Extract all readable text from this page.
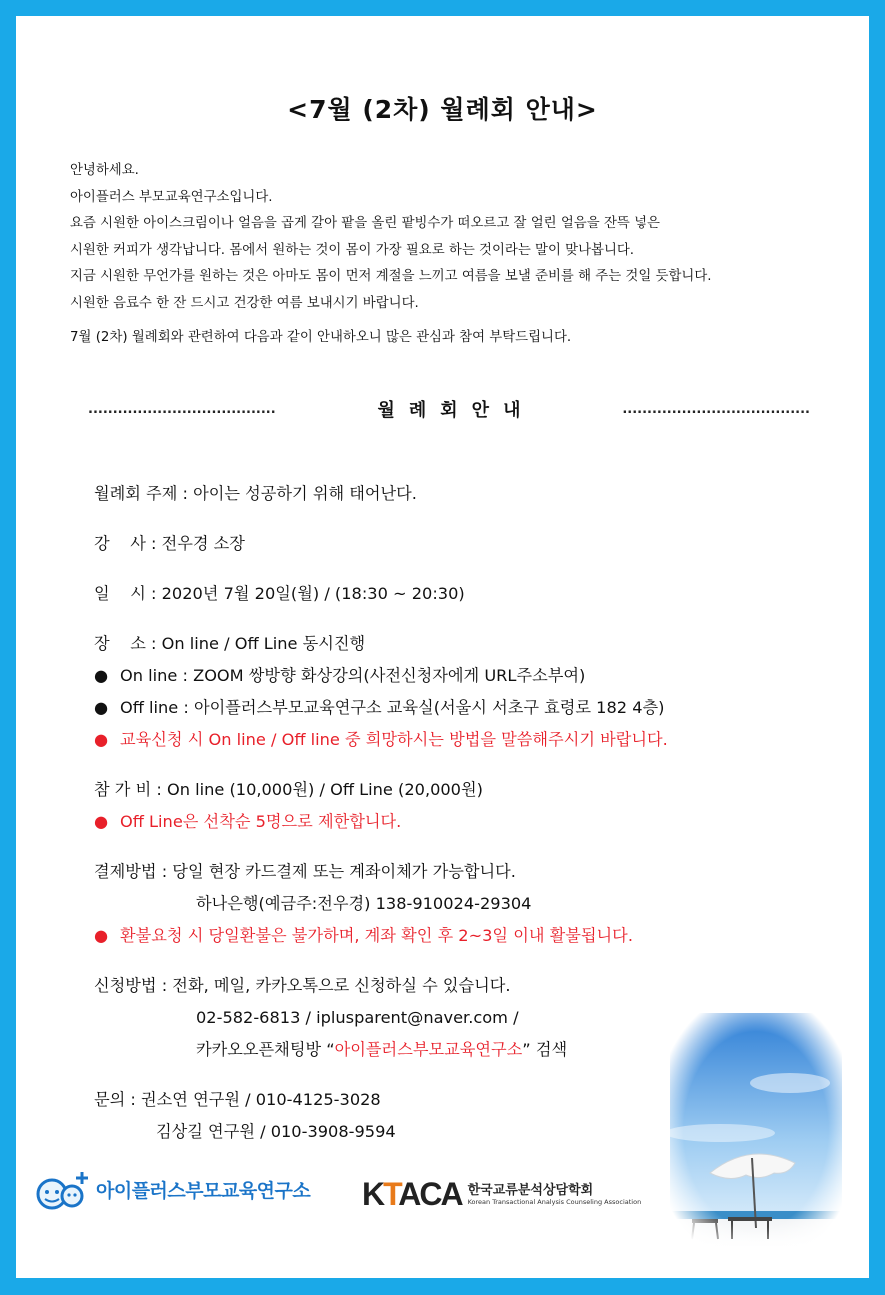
<7월 (2차) 월례회 안내>
안녕하세요.
아이플러스 부모교육연구소입니다.
요즘 시원한 아이스크림이나 얼음을 곱게 갈아 팥을 올린 팥빙수가 떠오르고 잘 얼린 얼음을 잔뜩 넣은
시원한 커피가 생각납니다. 몸에서 원하는 것이 몸이 가장 필요로 하는 것이라는 말이 맞나봅니다.
지금 시원한 무언가를 원하는 것은 아마도 몸이 먼저 계절을 느끼고 여름을 보낼 준비를 해 주는 것일 듯합니다.
시원한 음료수 한 잔 드시고 건강한 여름 보내시기 바랍니다.
7월 (2차) 월례회와 관련하여 다음과 같이 안내하오니 많은 관심과 참여 부탁드립니다.
......................................	월례회안내	......................................
월례회 주제 : 아이는 성공하기 위해 태어난다.
강    사 : 전우경 소장
일    시 : 2020년 7월 20일(월) / (18:30 ~ 20:30)
장    소 : On line / Off Line 동시진행
● On line : ZOOM 쌍방향 화상강의(사전신청자에게 URL주소부여)
● Off line : 아이플러스부모교육연구소 교육실(서울시 서초구 효령로 182 4층)
● 교육신청 시 On line / Off line 중 희망하시는 방법을 말씀해주시기 바랍니다.
참 가 비 : On line (10,000원) / Off Line (20,000원)
● Off Line은 선착순 5명으로 제한합니다.
결제방법 : 당일 현장 카드결제 또는 계좌이체가 가능합니다.
하나은행(예금주:전우경) 138-910024-29304
● 환불요청 시 당일환불은 불가하며, 계좌 확인 후 2~3일 이내 활불됩니다.
신청방법 : 전화, 메일, 카카오톡으로 신청하실 수 있습니다.
02-582-6813 / iplusparent@naver.com /
카카오오픈채팅방 “아이플러스부모교육연구소” 검색
문의 : 권소연 연구원 / 010-4125-3028
김상길 연구원 / 010-3908-9594
아이플러스부모교육연구소 KTACA 한국교류분석상담학회
Korean Transactional Analysis Counseling Association
